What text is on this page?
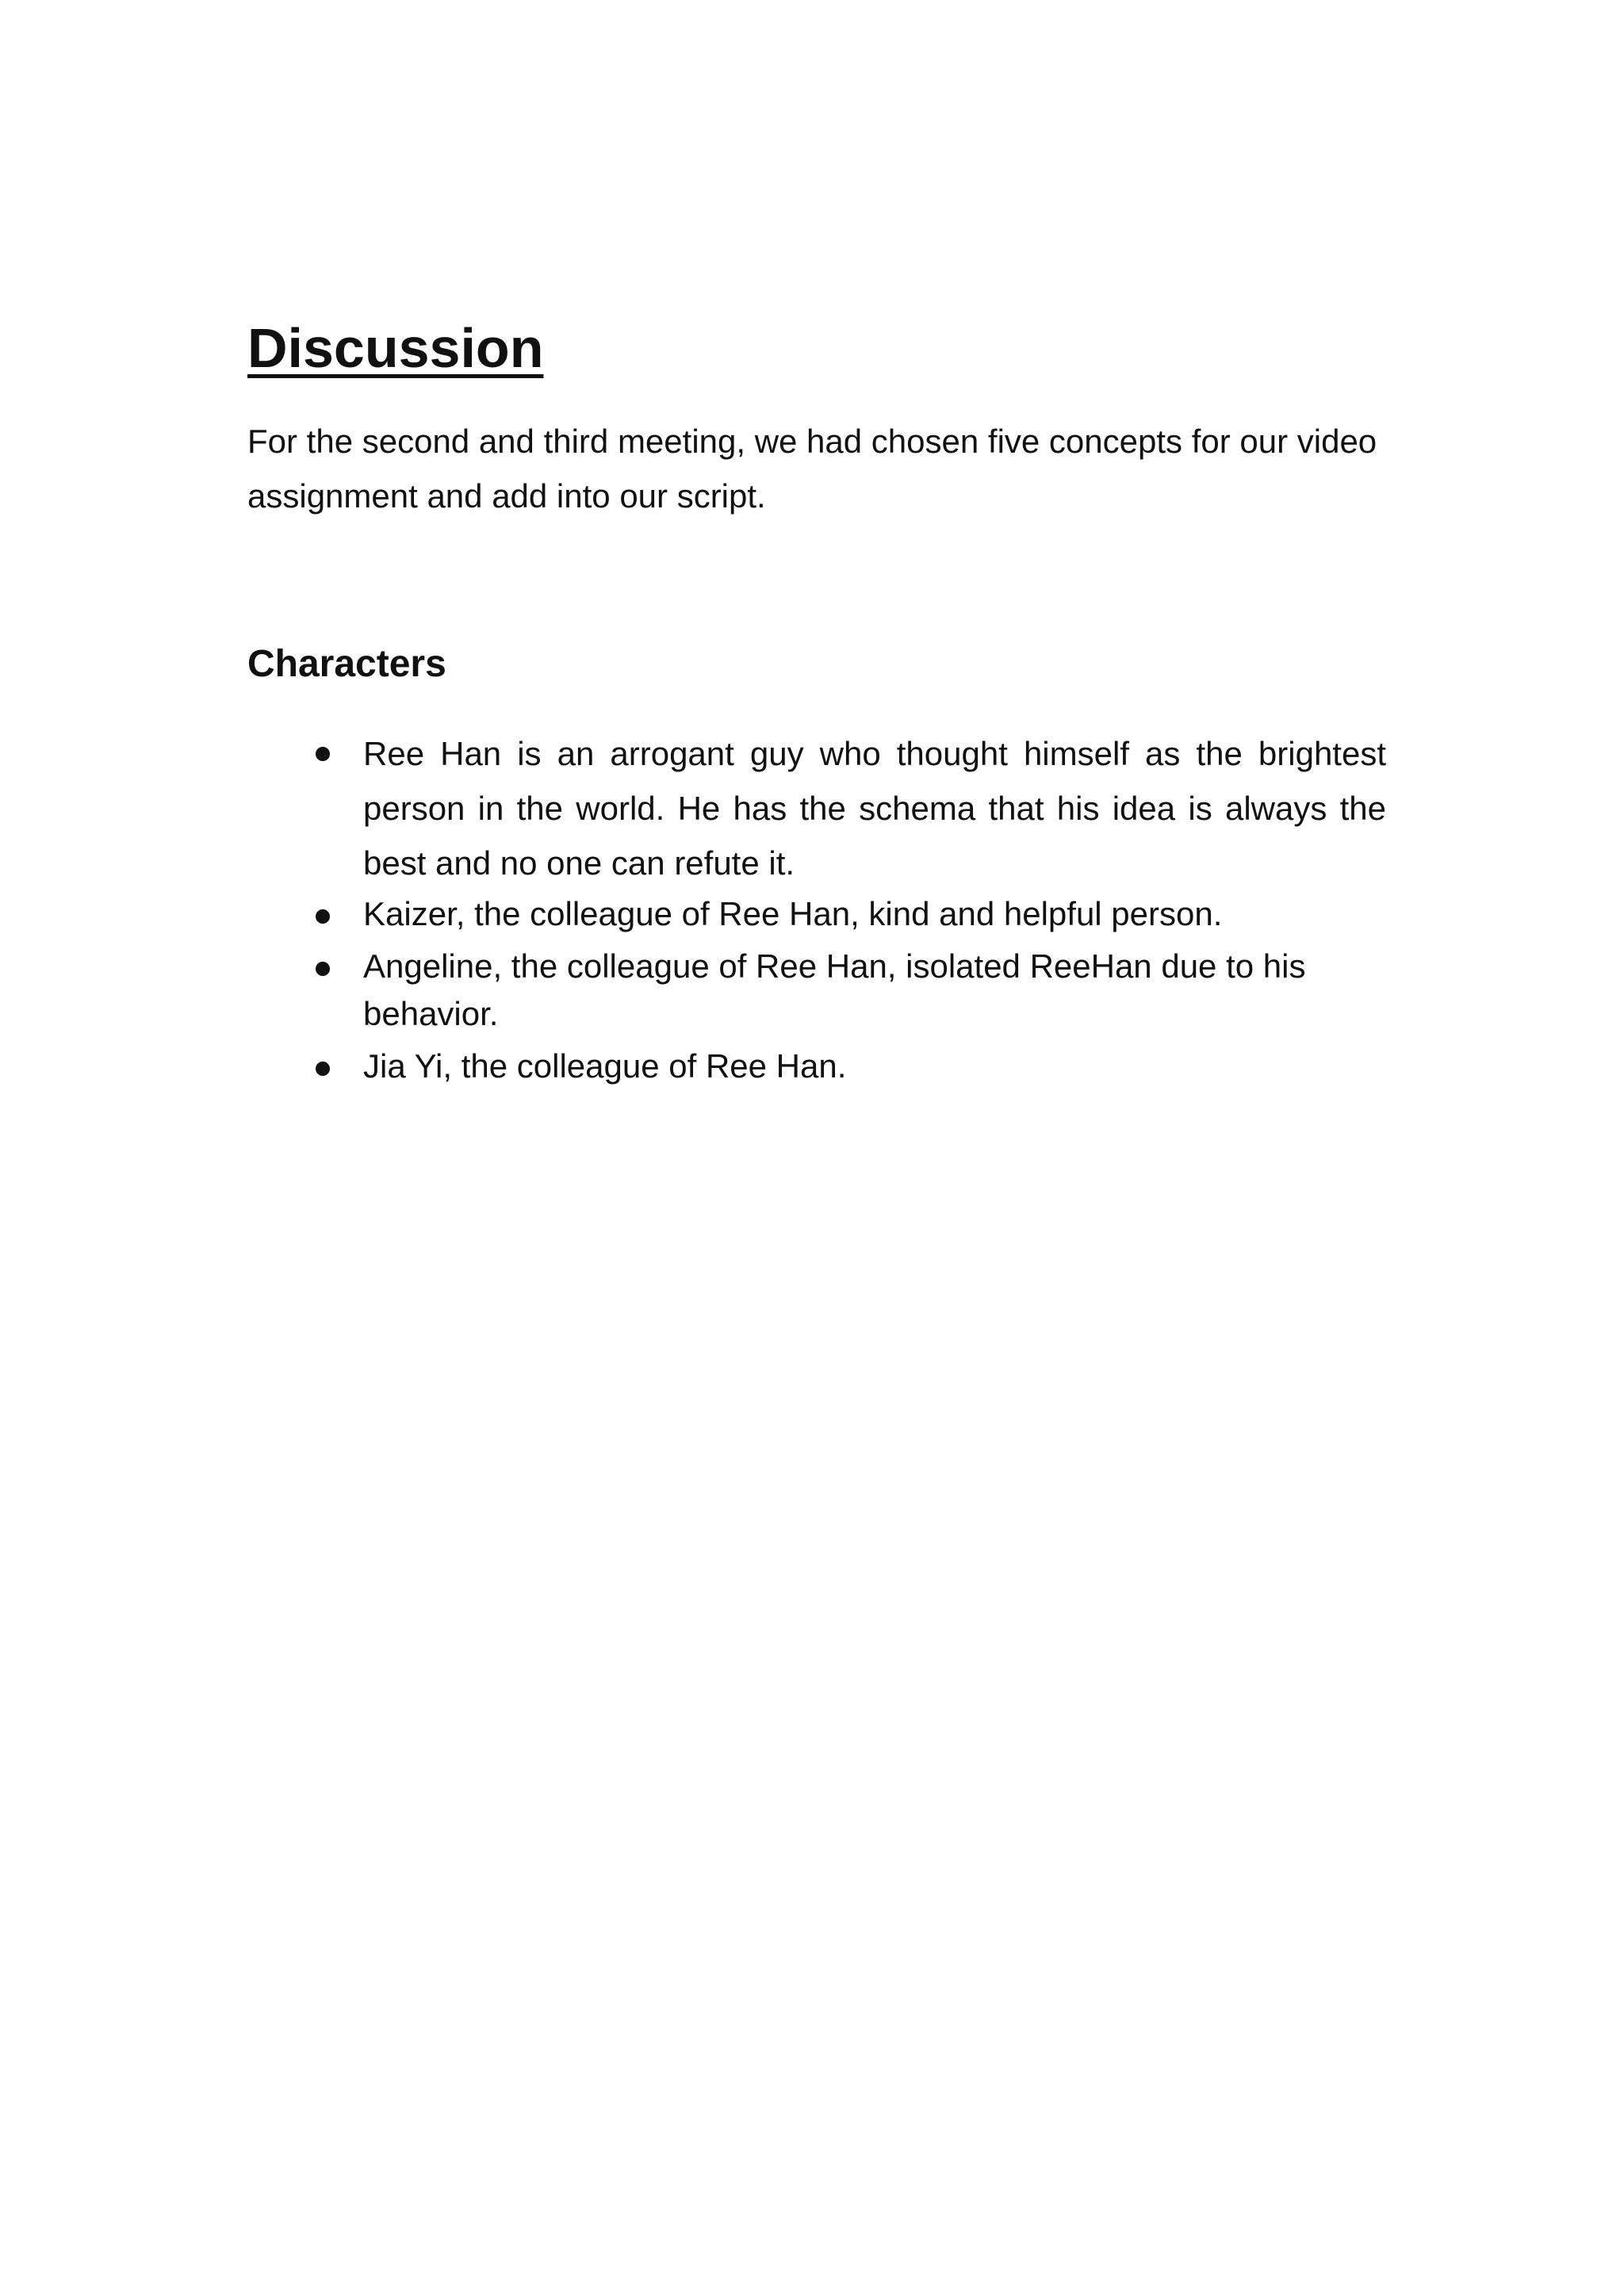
Discussion

For the second and third meeting, we had chosen five concepts for our video assignment and add into our script.

Characters
Ree Han is an arrogant guy who thought himself as the brightest person in the world. He has the schema that his idea is always the best and no one can refute it.
Kaizer, the colleague of Ree Han, kind and helpful person.
Angeline, the colleague of Ree Han, isolated ReeHan due to his behavior.
Jia Yi, the colleague of Ree Han.
